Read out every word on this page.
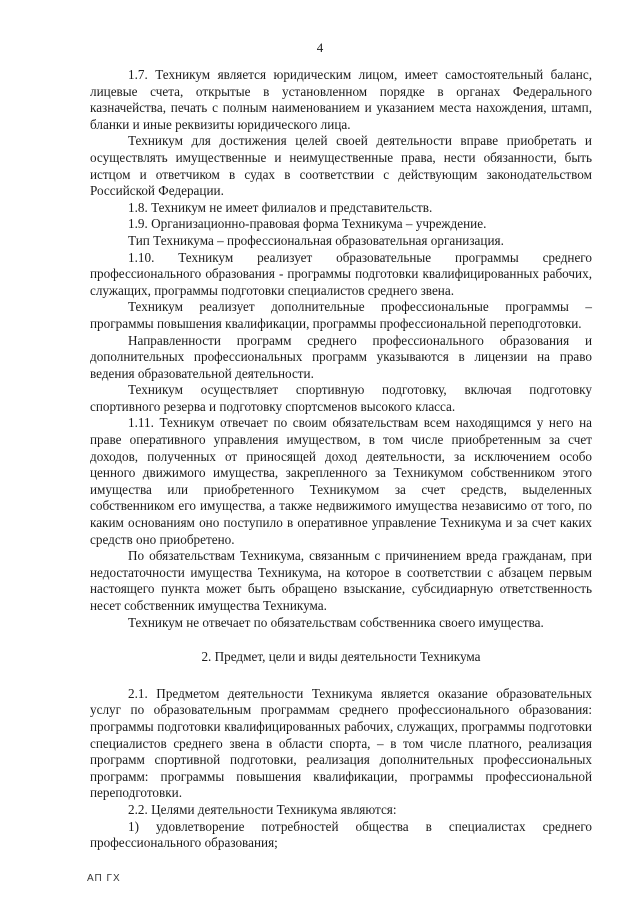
4

1.7. Техникум является юридическим лицом, имеет самостоятельный баланс, лицевые счета, открытые в установленном порядке в органах Федерального казначейства, печать с полным наименованием и указанием места нахождения, штамп, бланки и иные реквизиты юридического лица.

Техникум для достижения целей своей деятельности вправе приобретать и осуществлять имущественные и неимущественные права, нести обязанности, быть истцом и ответчиком в судах в соответствии с действующим законодательством Российской Федерации.

1.8. Техникум не имеет филиалов и представительств.

1.9. Организационно-правовая форма Техникума – учреждение.

Тип Техникума – профессиональная образовательная организация.

1.10. Техникум реализует образовательные программы среднего профессионального образования - программы подготовки квалифицированных рабочих, служащих, программы подготовки специалистов среднего звена.

Техникум реализует дополнительные профессиональные программы – программы повышения квалификации, программы профессиональной переподготовки.

Направленности программ среднего профессионального образования и дополнительных профессиональных программ указываются в лицензии на право ведения образовательной деятельности.

Техникум осуществляет спортивную подготовку, включая подготовку спортивного резерва и подготовку спортсменов высокого класса.

1.11. Техникум отвечает по своим обязательствам всем находящимся у него на праве оперативного управления имуществом, в том числе приобретенным за счет доходов, полученных от приносящей доход деятельности, за исключением особо ценного движимого имущества, закрепленного за Техникумом собственником этого имущества или приобретенного Техникумом за счет средств, выделенных собственником его имущества, а также недвижимого имущества независимо от того, по каким основаниям оно поступило в оперативное управление Техникума и за счет каких средств оно приобретено.

По обязательствам Техникума, связанным с причинением вреда гражданам, при недостаточности имущества Техникума, на которое в соответствии с абзацем первым настоящего пункта может быть обращено взыскание, субсидиарную ответственность несет собственник имущества Техникума.

Техникум не отвечает по обязательствам собственника своего имущества.

2. Предмет, цели и виды деятельности Техникума

2.1. Предметом деятельности Техникума является оказание образовательных услуг по образовательным программам среднего профессионального образования: программы подготовки квалифицированных рабочих, служащих, программы подготовки специалистов среднего звена в области спорта, – в том числе платного, реализация программ спортивной подготовки, реализация дополнительных профессиональных программ: программы повышения квалификации, программы профессиональной переподготовки.

2.2. Целями деятельности Техникума являются:

1) удовлетворение потребностей общества в специалистах среднего профессионального образования;

АП ГХ
